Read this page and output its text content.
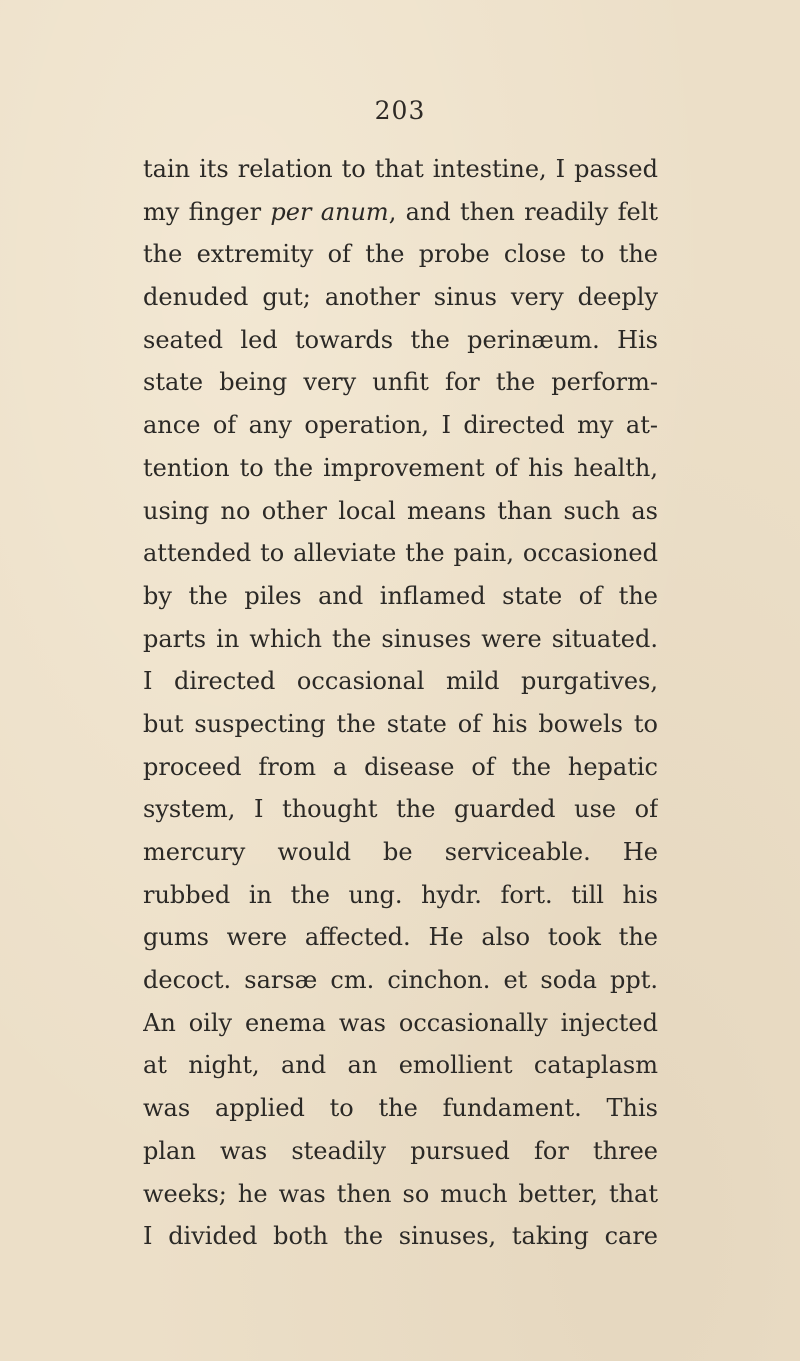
203
tain its relation to that intestine, I passed
my finger per anum, and then readily felt
the extremity of the probe close to the
denuded gut; another sinus very deeply
seated led towards the perinæum. His
state being very unfit for the perform-
ance of any operation, I directed my at-
tention to the improvement of his health,
using no other local means than such as
attended to alleviate the pain, occasioned
by the piles and inflamed state of the
parts in which the sinuses were situated.
I directed occasional mild purgatives,
but suspecting the state of his bowels to
proceed from a disease of the hepatic
system, I thought the guarded use of
mercury would be serviceable. He
rubbed in the ung. hydr. fort. till his
gums were affected. He also took the
decoct. sarsæ cm. cinchon. et soda ppt.
An oily enema was occasionally injected
at night, and an emollient cataplasm
was applied to the fundament. This
plan was steadily pursued for three
weeks; he was then so much better, that
I divided both the sinuses, taking care
